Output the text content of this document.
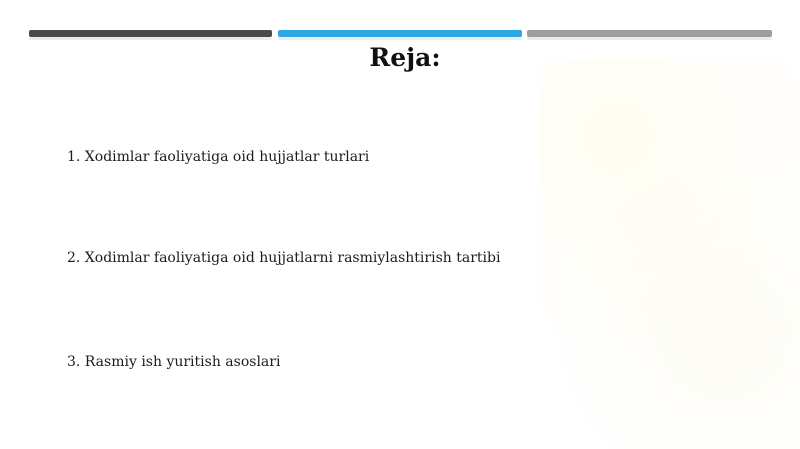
Reja:
1. Xodimlar faoliyatiga oid hujjatlar turlari
2. Xodimlar faoliyatiga oid hujjatlarni rasmiylashtirish tartibi
3. Rasmiy ish yuritish asoslari
